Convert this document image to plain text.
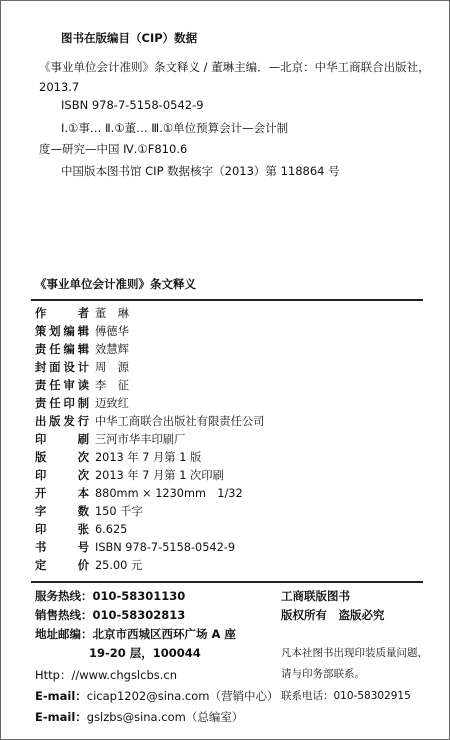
图书在版编目（CIP）数据
《事业单位会计准则》条文释义 / 董琳主编．—北京：中华工商联合出版社，
2013.7
ISBN 978-7-5158-0542-9
Ⅰ.①事… Ⅱ.①董… Ⅲ.①单位预算会计—会计制
度—研究—中国 Ⅳ.①F810.6
中国版本图书馆 CIP 数据核字（2013）第 118864 号
《事业单位会计准则》条文释义
作　　者 董　琳
策划编辑 傅德华
责任编辑 效慧辉
封面设计 周　源
责任审读 李　征
责任印制 迈致红
出版发行 中华工商联合出版社有限责任公司
印　　刷 三河市华丰印刷厂
版　　次 2013 年 7 月第 1 版
印　　次 2013 年 7 月第 1 次印刷
开　　本 880mm × 1230mm　1/32
字　　数 150 千字
印　　张 6.625
书　　号 ISBN 978-7-5158-0542-9
定　　价 25.00 元
服务热线：010-58301130
销售热线：010-58302813
地址邮编：北京市西城区西环广场 A 座
19-20 层，100044
Http：//www.chgslcbs.cn
E-mail：cicap1202@sina.com（营销中心）
E-mail：gslzbs@sina.com（总编室）
工商联版图书
版权所有　盗版必究
凡本社图书出现印装质量问题，
请与印务部联系。
联系电话：010-58302915
